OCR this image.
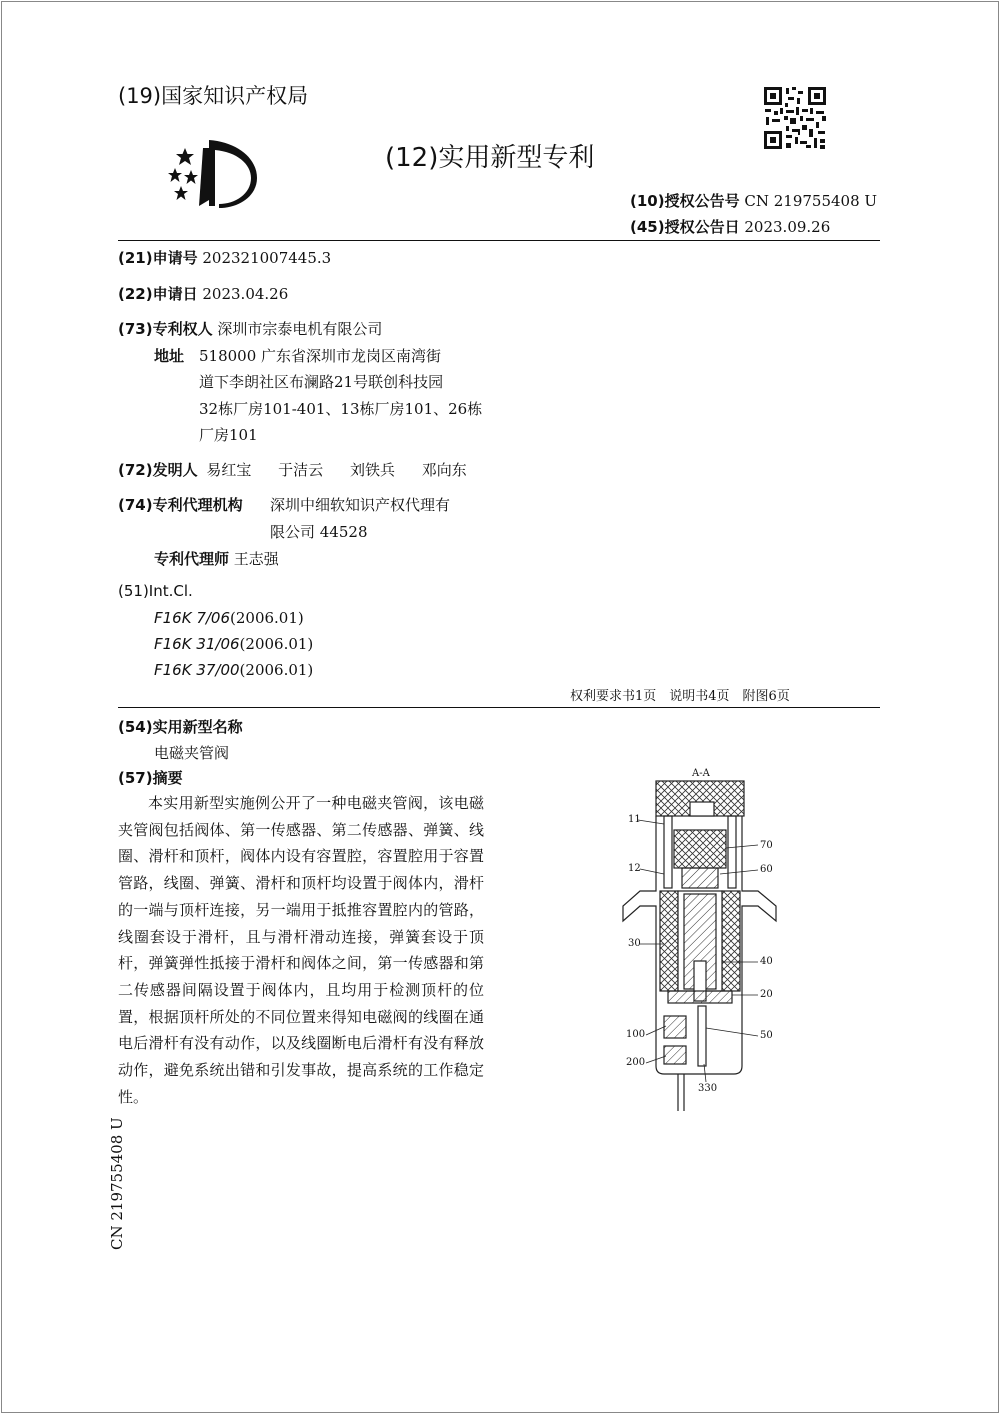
(19)国家知识产权局
(12)实用新型专利
(10)授权公告号 CN 219755408 U
(45)授权公告日 2023.09.26
(21)申请号 202321007445.3
(22)申请日 2023.04.26
(73)专利权人 深圳市宗泰电机有限公司
地址 518000 广东省深圳市龙岗区南湾街
道下李朗社区布澜路21号联创科技园
32栋厂房101-401、13栋厂房101、26栋
厂房101
(72)发明人 易红宝 于洁云 刘铁兵 邓向东
(74)专利代理机构 深圳中细软知识产权代理有
限公司 44528
专利代理师 王志强
(51)Int.Cl.
F16K 7/06(2006.01)
F16K 31/06(2006.01)
F16K 37/00(2006.01)
权利要求书1页　说明书4页　附图6页
(54)实用新型名称
电磁夹管阀
(57)摘要
本实用新型实施例公开了一种电磁夹管阀，该电磁夹管阀包括阀体、第一传感器、第二传感器、弹簧、线圈、滑杆和顶杆，阀体内设有容置腔，容置腔用于容置管路，线圈、弹簧、滑杆和顶杆均设置于阀体内，滑杆的一端与顶杆连接，另一端用于抵推容置腔内的管路，线圈套设于滑杆，且与滑杆滑动连接，弹簧套设于顶杆，弹簧弹性抵接于滑杆和阀体之间，第一传感器和第二传感器间隔设置于阀体内，且均用于检测顶杆的位置，根据顶杆所处的不同位置来得知电磁阀的线圈在通电后滑杆有没有动作，以及线圈断电后滑杆有没有释放动作，避免系统出错和引发事故，提高系统的工作稳定性。
A-A
11
12
70
60
30
40
20
100	50
200
330
CN 219755408 U
